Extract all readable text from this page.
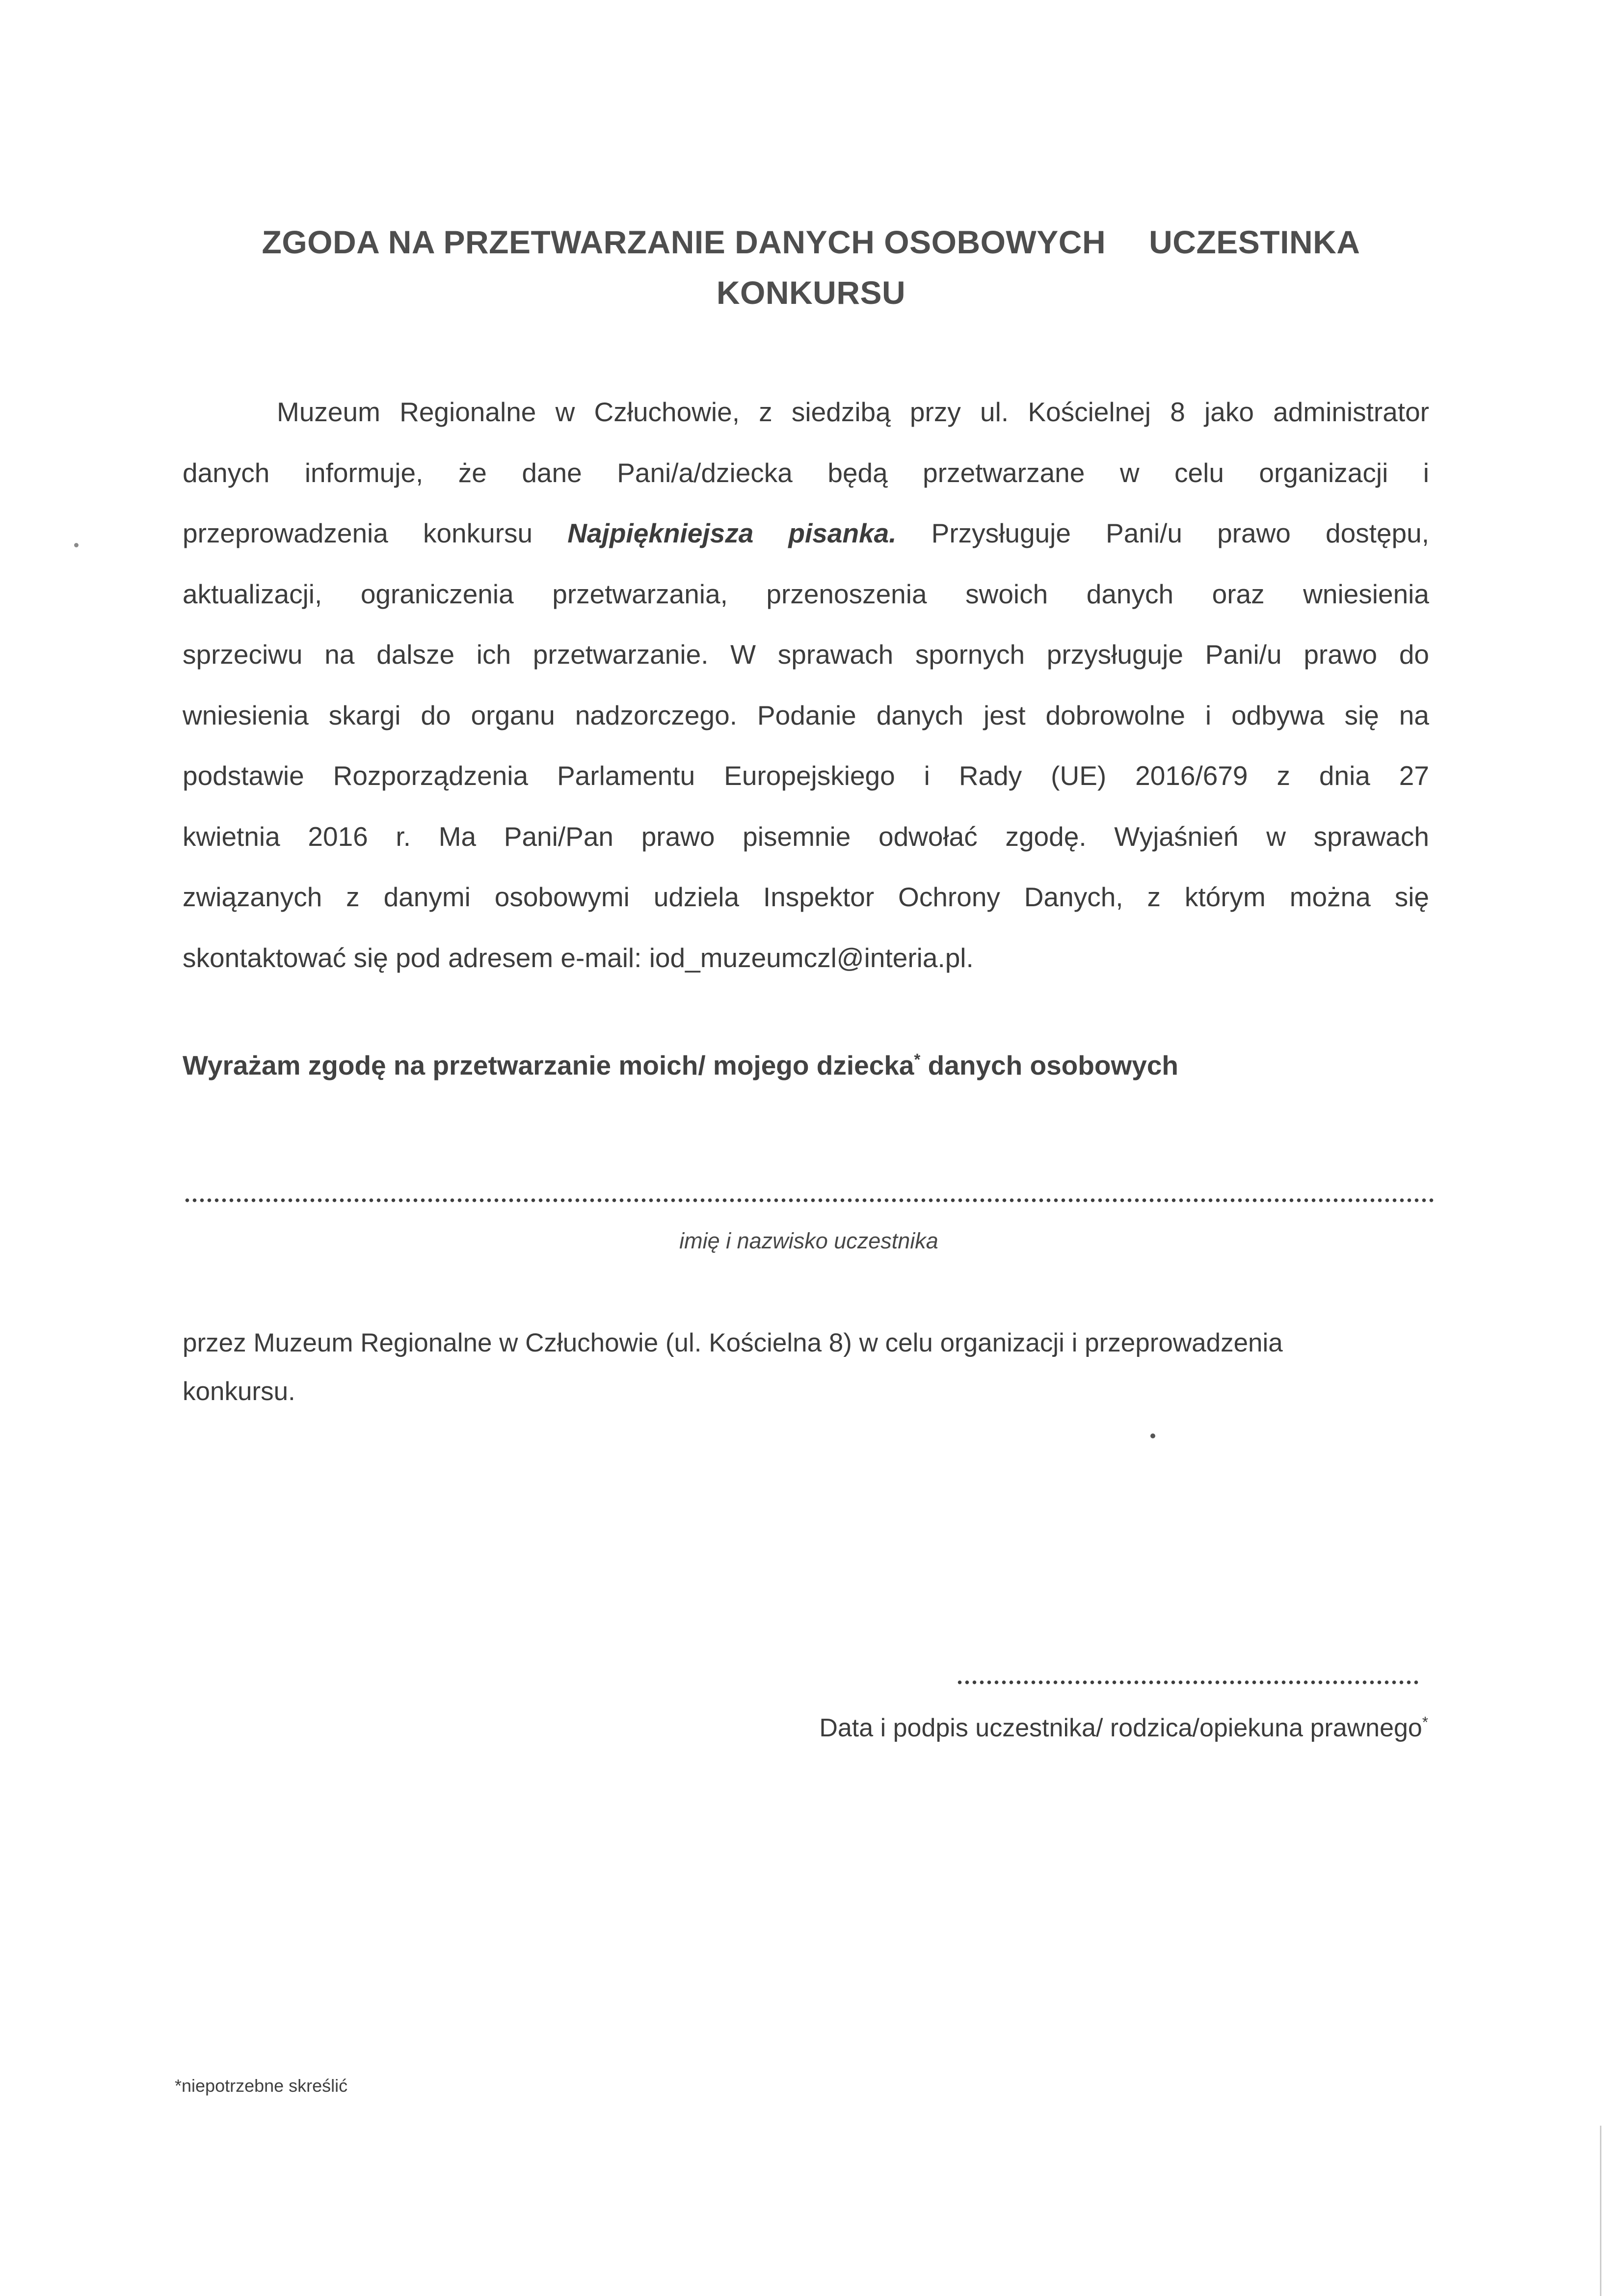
ZGODA NA PRZETWARZANIE DANYCH OSOBOWYCH UCZESTINKA
KONKURSU
Muzeum Regionalne w Człuchowie, z siedzibą przy ul. Kościelnej 8 jako administrator
danych informuje, że dane Pani/a/dziecka będą przetwarzane w celu organizacji i
przeprowadzenia konkursu Najpiękniejsza pisanka. Przysługuje Pani/u prawo dostępu,
aktualizacji, ograniczenia przetwarzania, przenoszenia swoich danych oraz wniesienia
sprzeciwu na dalsze ich przetwarzanie. W sprawach spornych przysługuje Pani/u prawo do
wniesienia skargi do organu nadzorczego. Podanie danych jest dobrowolne i odbywa się na
podstawie Rozporządzenia Parlamentu Europejskiego i Rady (UE) 2016/679 z dnia 27
kwietnia 2016 r. Ma Pani/Pan prawo pisemnie odwołać zgodę. Wyjaśnień w sprawach
związanych z danymi osobowymi udziela Inspektor Ochrony Danych, z którym można się
skontaktować się pod adresem e-mail: iod_muzeumczl@interia.pl.
Wyrażam zgodę na przetwarzanie moich/ mojego dziecka* danych osobowych
imię i nazwisko uczestnika
przez Muzeum Regionalne w Człuchowie (ul. Kościelna 8) w celu organizacji i przeprowadzenia
konkursu.
Data i podpis uczestnika/ rodzica/opiekuna prawnego*
*niepotrzebne skreślić
